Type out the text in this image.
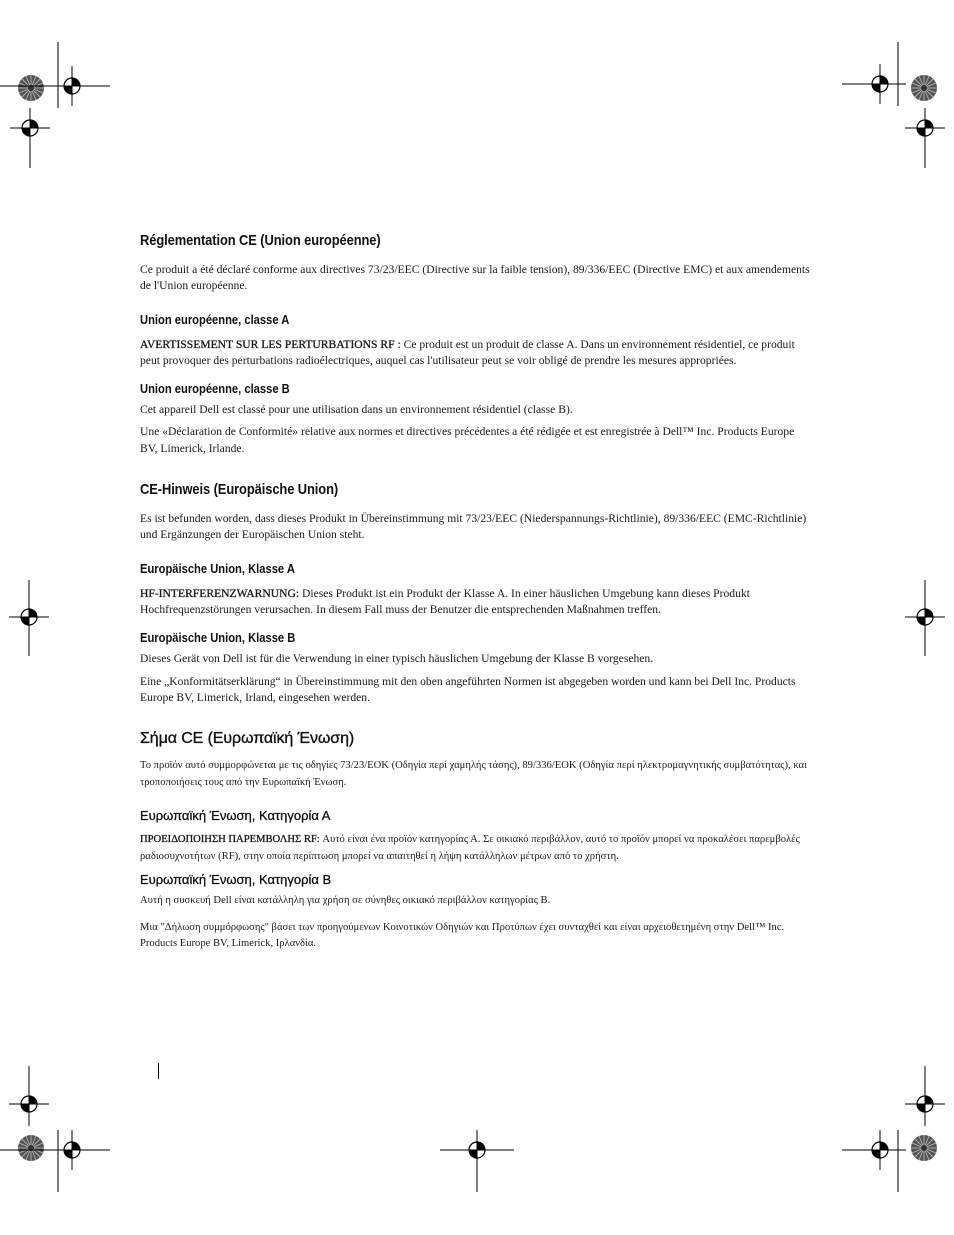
Réglementation CE (Union européenne)

Ce produit a été déclaré conforme aux directives 73/23/EEC (Directive sur la faible tension), 89/336/EEC (Directive EMC) et aux amendements de l'Union européenne.

Union européenne, classe A

AVERTISSEMENT SUR LES PERTURBATIONS RF : Ce produit est un produit de classe A. Dans un environnement résidentiel, ce produit peut provoquer des perturbations radioélectriques, auquel cas l'utilisateur peut se voir obligé de prendre les mesures appropriées.

Union européenne, classe B

Cet appareil Dell est classé pour une utilisation dans un environnement résidentiel (classe B).

Une «Déclaration de Conformité» relative aux normes et directives précédentes a été rédigée et est enregistrée à Dell™ Inc. Products Europe BV, Limerick, Irlande.

CE-Hinweis (Europäische Union)

Es ist befunden worden, dass dieses Produkt in Übereinstimmung mit 73/23/EEC (Niederspannungs-Richtlinie), 89/336/EEC (EMC-Richtlinie) und Ergänzungen der Europäischen Union steht.

Europäische Union, Klasse A

HF-INTERFERENZWARNUNG: Dieses Produkt ist ein Produkt der Klasse A. In einer häuslichen Umgebung kann dieses Produkt Hochfrequenzstörungen verursachen. In diesem Fall muss der Benutzer die entsprechenden Maßnahmen treffen.

Europäische Union, Klasse B

Dieses Gerät von Dell ist für die Verwendung in einer typisch häuslichen Umgebung der Klasse B vorgesehen.

Eine „Konformitätserklärung“ in Übereinstimmung mit den oben angeführten Normen ist abgegeben worden und kann bei Dell Inc. Products Europe BV, Limerick, Irland, eingesehen werden.

Σήμα CE (Ευρωπαϊκή Ένωση)

Το προϊόν αυτό συμμορφώνεται με τις οδηγίες 73/23/ΕΟΚ (Οδηγία περί χαμηλής τάσης), 89/336/ΕΟΚ (Οδηγία περί ηλεκτρομαγνητικής συμβατότητας), και τροποποιήσεις τους από την Ευρωπαϊκή Ένωση.

Ευρωπαϊκή Ένωση, Κατηγορία Α

ΠΡΟΕΙΔΟΠΟΙΗΣΗ ΠΑΡΕΜΒΟΛΗΣ RF: Αυτό είναι ένα προϊόν κατηγορίας Α. Σε οικιακό περιβάλλον, αυτό το προϊόν μπορεί να προκαλέσει παρεμβολές ραδιοσυχνοτήτων (RF), στην οποία περίπτωση μπορεί να απαιτηθεί η λήψη κατάλληλων μέτρων από το χρήστη.

Ευρωπαϊκή Ένωση, Κατηγορία Β

Αυτή η συσκευή Dell είναι κατάλληλη για χρήση σε σύνηθες οικιακό περιβάλλον κατηγορίας Β.

Μια "Δήλωση συμμόρφωσης" βάσει των προηγούμενων Κοινοτικών Οδηγιών και Προτύπων έχει συνταχθεί και είναι αρχειοθετημένη στην Dell™ Inc. Products Europe BV, Limerick, Ιρλανδία.
